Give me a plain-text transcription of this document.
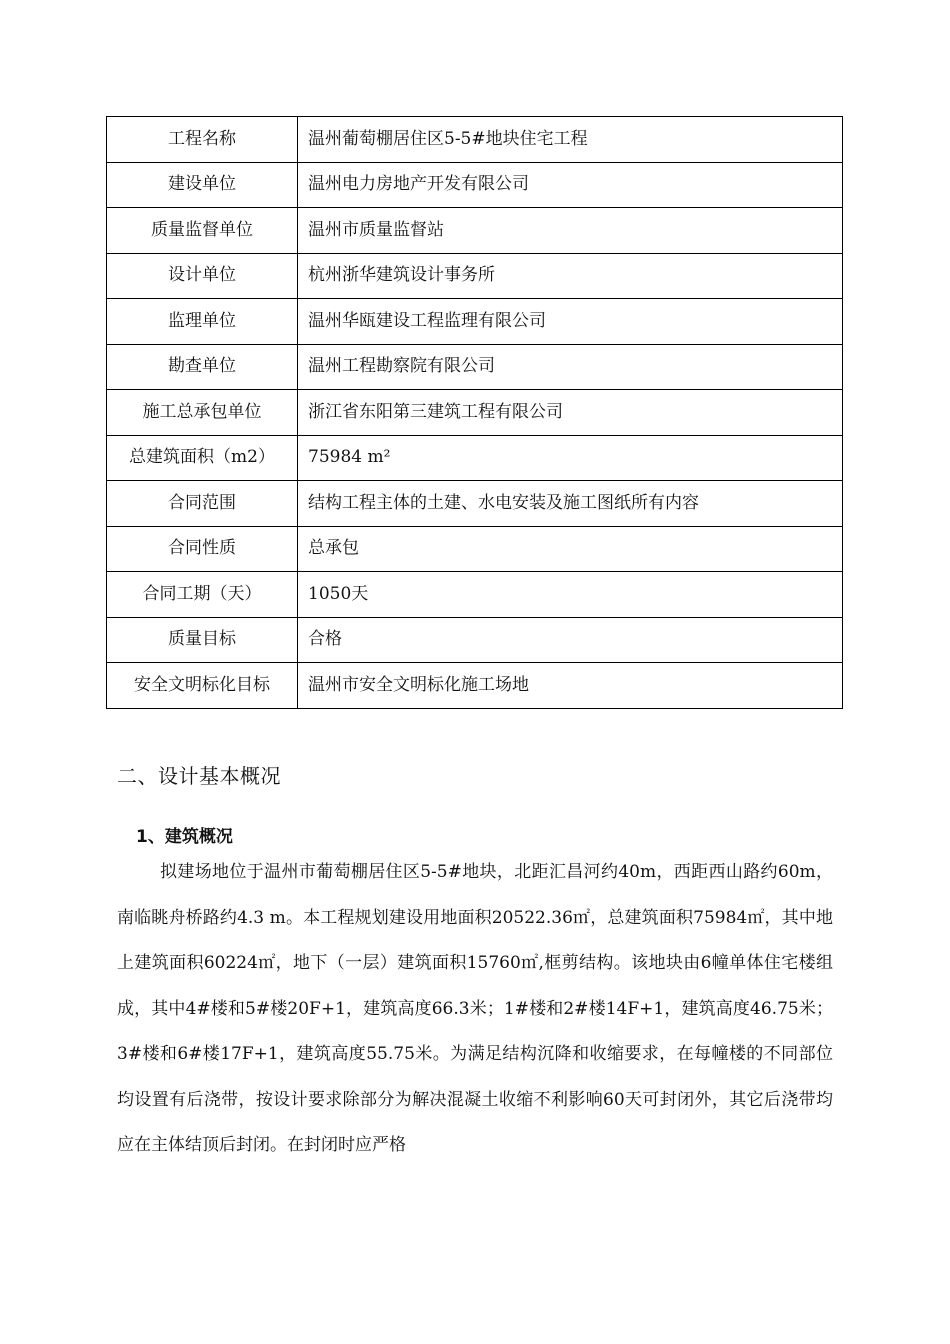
工程名称	温州葡萄棚居住区5-5#地块住宅工程
建设单位	温州电力房地产开发有限公司
质量监督单位	温州市质量监督站
设计单位	杭州浙华建筑设计事务所
监理单位	温州华瓯建设工程监理有限公司
勘查单位	温州工程勘察院有限公司
施工总承包单位	浙江省东阳第三建筑工程有限公司
总建筑面积（m2）	75984 m²
合同范围	结构工程主体的土建、水电安装及施工图纸所有内容
合同性质	总承包
合同工期（天）	1050天
质量目标	合格
安全文明标化目标	温州市安全文明标化施工场地
二、设计基本概况
1、建筑概况

拟建场地位于温州市葡萄棚居住区5-5#地块，北距汇昌河约40m，西距西山路约60m，南临眺舟桥路约4.3 m。本工程规划建设用地面积20522.36㎡，总建筑面积75984㎡，其中地上建筑面积60224㎡，地下（一层）建筑面积15760㎡,框剪结构。该地块由6幢单体住宅楼组成，其中4#楼和5#楼20F+1，建筑高度66.3米；1#楼和2#楼14F+1，建筑高度46.75米；3#楼和6#楼17F+1，建筑高度55.75米。为满足结构沉降和收缩要求，在每幢楼的不同部位均设置有后浇带，按设计要求除部分为解决混凝土收缩不利影响60天可封闭外，其它后浇带均应在主体结顶后封闭。在封闭时应严格
